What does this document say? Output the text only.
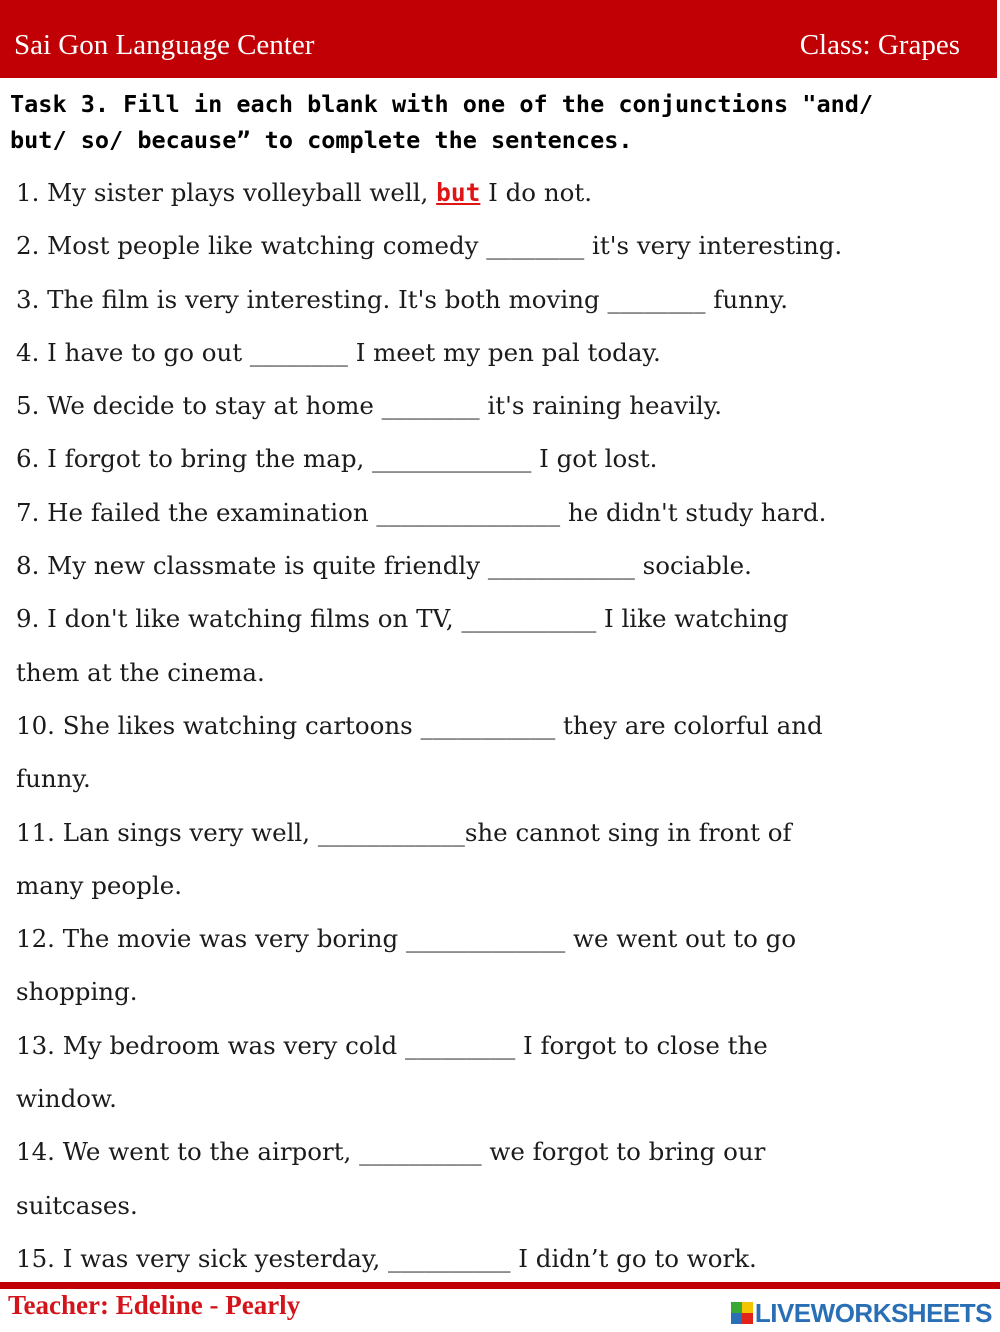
Sai Gon Language Center	Class: Grapes
Task 3. Fill in each blank with one of the conjunctions "and/
but/ so/ because” to complete the sentences.
1. My sister plays volleyball well, but I do not.
2. Most people like watching comedy ________ it's very interesting.
3. The film is very interesting. It's both moving ________ funny.
4. I have to go out ________ I meet my pen pal today.
5. We decide to stay at home ________ it's raining heavily.
6. I forgot to bring the map, _____________ I got lost.
7. He failed the examination _______________ he didn't study hard.
8. My new classmate is quite friendly ____________ sociable.
9. I don't like watching films on TV, ___________ I like watching
them at the cinema.
10. She likes watching cartoons ___________ they are colorful and
funny.
11. Lan sings very well, ____________she cannot sing in front of
many people.
12. The movie was very boring _____________ we went out to go
shopping.
13. My bedroom was very cold _________ I forgot to close the
window.
14. We went to the airport, __________ we forgot to bring our
suitcases.
15. I was very sick yesterday, __________ I didn’t go to work.
Teacher: Edeline - Pearly	LIVEWORKSHEETS
